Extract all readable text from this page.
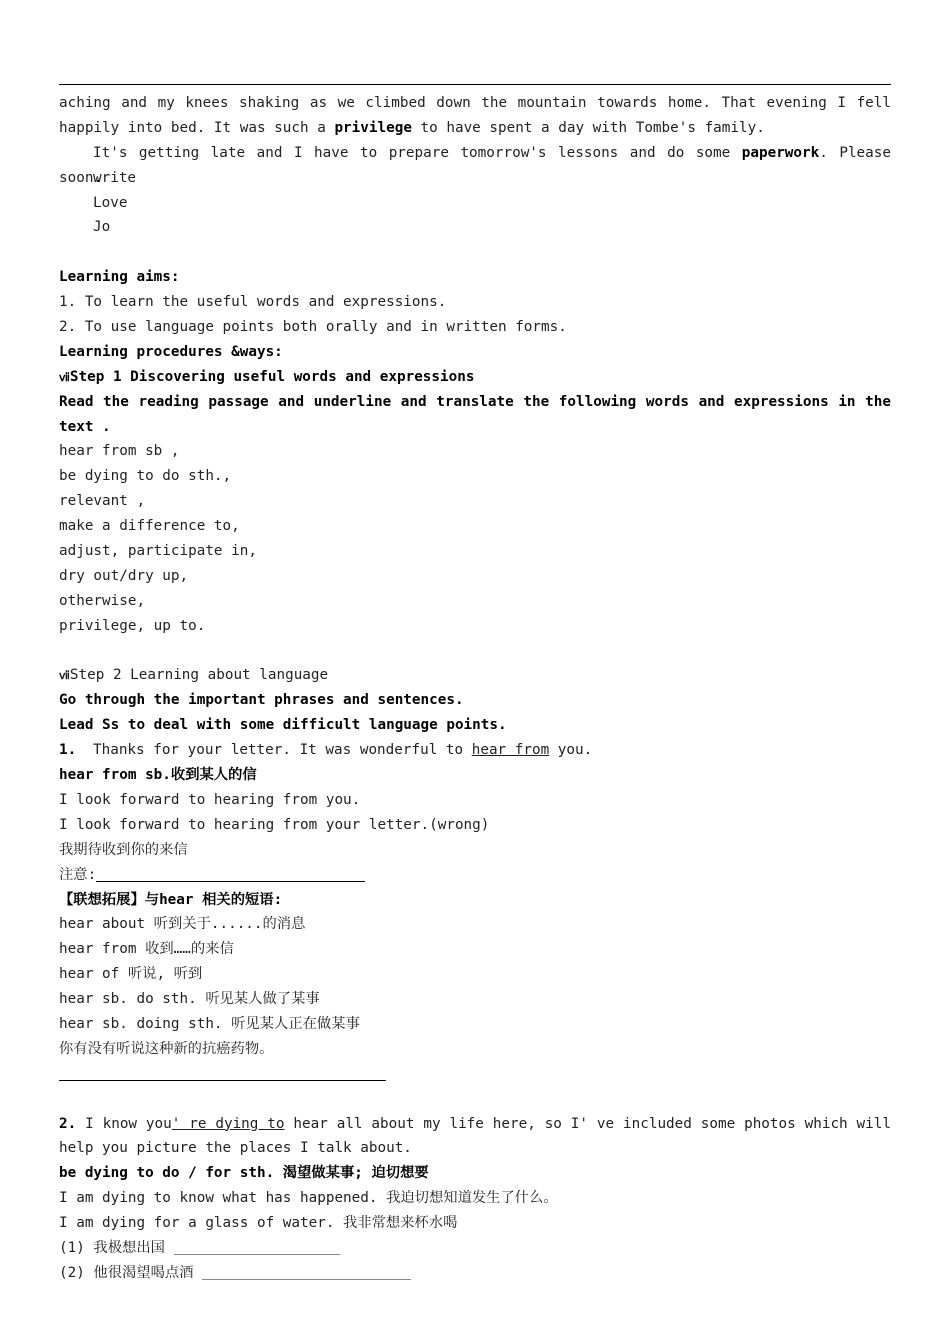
aching and my knees shaking as we climbed down the mountain towards home. That evening I fell
happily into bed. It was such a privilege to have spent a day with Tombe's family.
It's getting late and I have to prepare tomorrow's lessons and do some paperwork. Please write
soon.
Love
Jo
Learning aims:
1. To learn the useful words and expressions.
2. To use language points both orally and in written forms.
Learning procedures &ways:
ⅶStep 1 Discovering useful words and expressions
Read the reading passage and underline and translate the following words and expressions in the
text .
hear from sb ,
be dying to do sth.,
relevant ,
make a difference to,
adjust, participate in,
dry out/dry up,
otherwise,
privilege, up to.
ⅶStep 2 Learning about language
Go through the important phrases and sentences.
Lead Ss to deal with some difficult language points.
1. Thanks for your letter. It was wonderful to hear from you.
hear from sb.收到某人的信
I look forward to hearing from you.
I look forward to hearing from your letter.(wrong)
我期待收到你的来信
注意:
【联想拓展】与hear 相关的短语:
hear about 听到关于......的消息
hear from 收到……的来信
hear of 听说, 听到
hear sb. do sth. 听见某人做了某事
hear sb. doing sth. 听见某人正在做某事
你有没有听说这种新的抗癌药物。
2. I know you' re dying to hear all about my life here, so I' ve included some photos which will
help you picture the places I talk about.
be dying to do / for sth. 渴望做某事; 迫切想要
I am dying to know what has happened. 我迫切想知道发生了什么。
I am dying for a glass of water. 我非常想来杯水喝
(1) 我极想出国
(2) 他很渴望喝点酒
